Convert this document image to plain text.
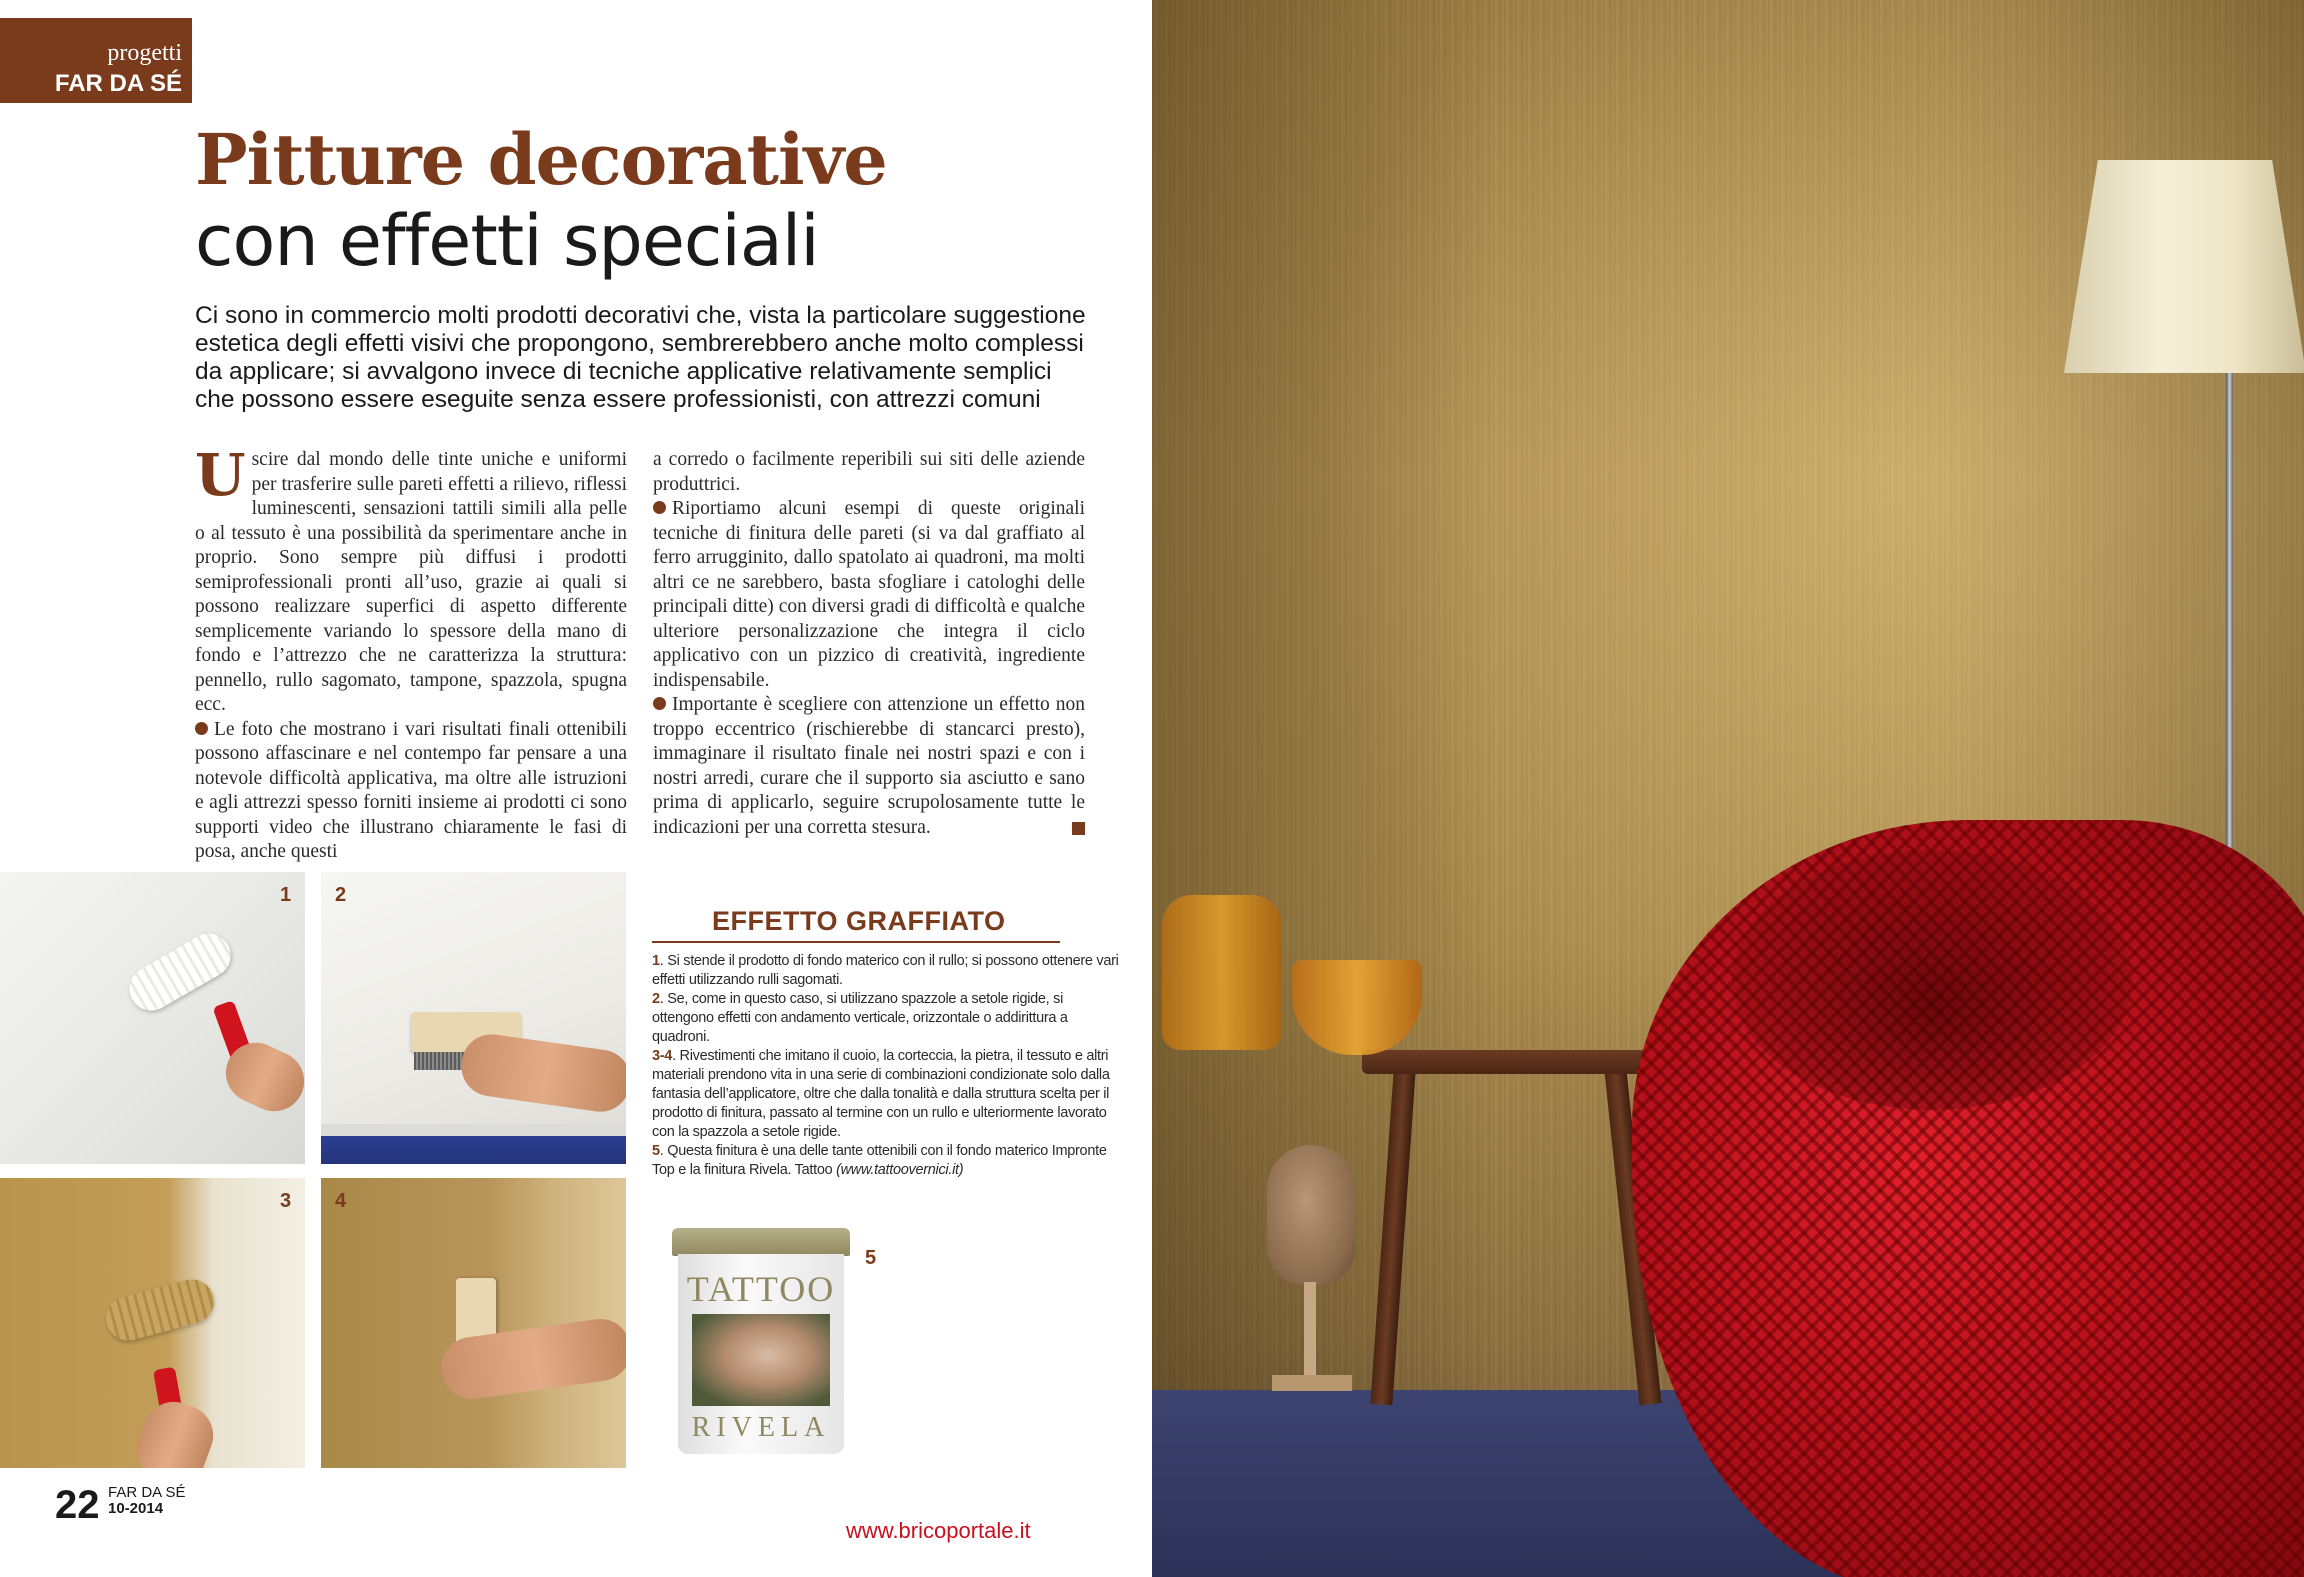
progetti
FAR DA SÉ
Pitture decorative
con effetti speciali
Ci sono in commercio molti prodotti decorativi che, vista la particolare suggestione
estetica degli effetti visivi che propongono, sembrerebbero anche molto complessi
da applicare; si avvalgono invece di tecniche applicative relativamente semplici
che possono essere eseguite senza essere professionisti, con attrezzi comuni

Uscire dal mondo delle tinte uniche e uniformi per trasferire sulle pareti effetti a rilievo, riflessi luminescenti, sensazioni tattili simili alla pelle o al tessuto è una possibilità da sperimentare anche in proprio. Sono sempre più diffusi i prodotti semiprofessionali pronti all’uso, grazie ai quali si possono realizzare superfici di aspetto differente semplicemente variando lo spessore della mano di fondo e l’attrezzo che ne caratterizza la struttura: pennello, rullo sagomato, tampone, spazzola, spugna ecc.

Le foto che mostrano i vari risultati finali ottenibili possono affascinare e nel contempo far pensare a una notevole difficoltà applicativa, ma oltre alle istruzioni e agli attrezzi spesso forniti insieme ai prodotti ci sono supporti video che illustrano chiaramente le fasi di posa, anche questi

a corredo o facilmente reperibili sui siti delle aziende produttrici.

Riportiamo alcuni esempi di queste originali tecniche di finitura delle pareti (si va dal graffiato al ferro arrugginito, dallo spatolato ai quadroni, ma molti altri ce ne sarebbero, basta sfogliare i catologhi delle principali ditte) con diversi gradi di difficoltà e qualche ulteriore personalizzazione che integra il ciclo applicativo con un pizzico di creatività, ingrediente indispensabile.

Importante è scegliere con attenzione un effetto non troppo eccentrico (rischierebbe di stancarci presto), immaginare il risultato finale nei nostri spazi e con i nostri arredi, curare che il supporto sia asciutto e sano prima di applicarlo, seguire scrupolosamente tutte le indicazioni per una corretta stesura.

1 2
3 4
EFFETTO GRAFFIATO

1. Si stende il prodotto di fondo materico con il rullo; si possono ottenere vari effetti utilizzando rulli sagomati.

2. Se, come in questo caso, si utilizzano spazzole a setole rigide, si ottengono effetti con andamento verticale, orizzontale o addirittura a quadroni.

3-4. Rivestimenti che imitano il cuoio, la corteccia, la pietra, il tessuto e altri materiali prendono vita in una serie di combinazioni condizionate solo dalla fantasia dell’applicatore, oltre che dalla tonalità e dalla struttura scelta per il prodotto di finitura, passato al termine con un rullo e ulteriormente lavorato con la spazzola a setole rigide.

5. Questa finitura è una delle tante ottenibili con il fondo materico Impronte Top e la finitura Rivela. Tattoo (www.tattoovernici.it)

TATTOO
RIVELA
5
22 FAR DA SÉ
10-2014
www.bricoportale.it
